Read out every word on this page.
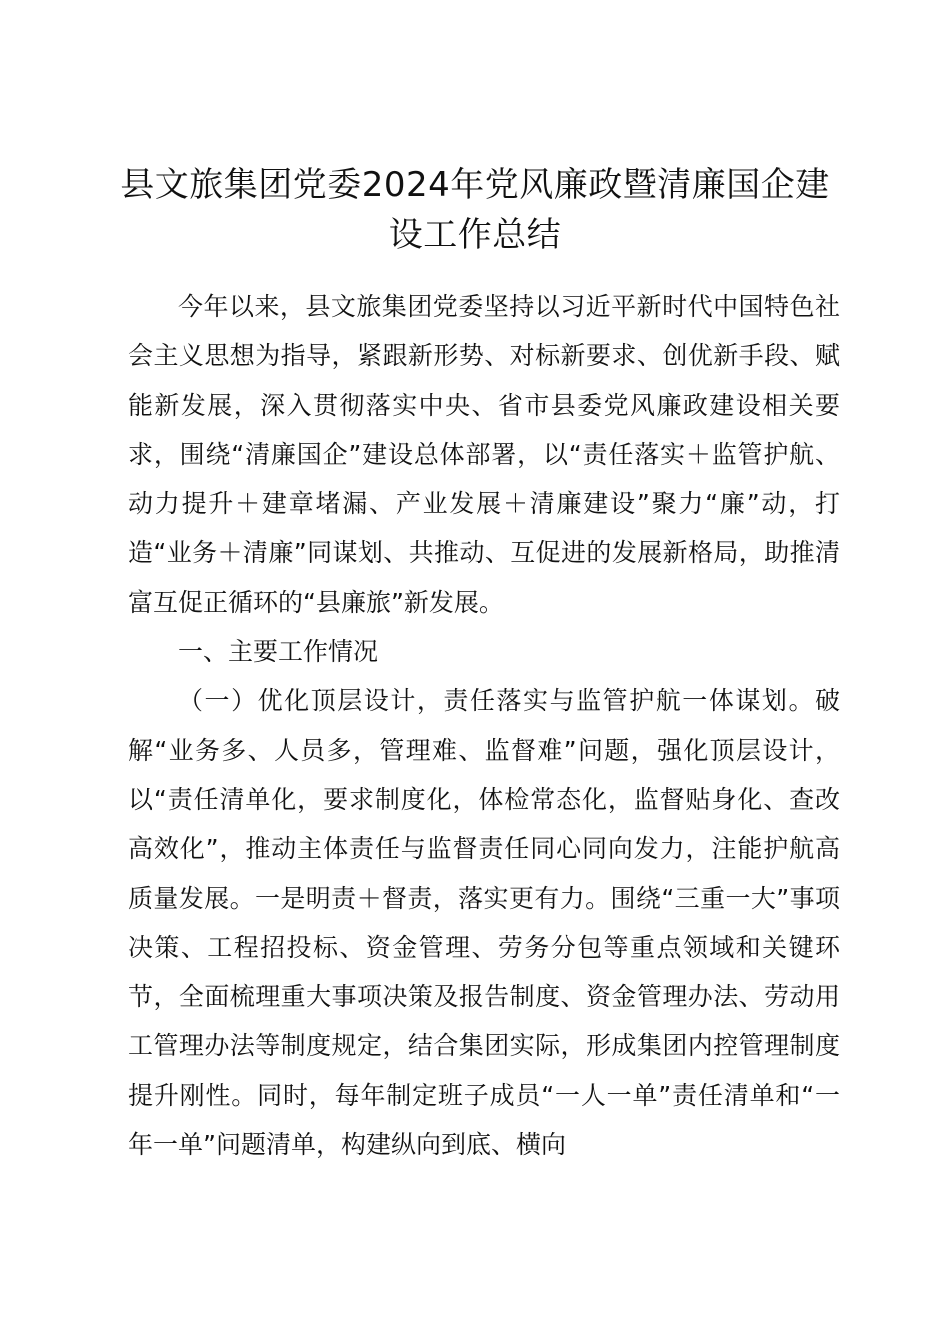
县文旅集团党委2024年党风廉政暨清廉国企建设工作总结

今年以来，县文旅集团党委坚持以习近平新时代中国特色社会主义思想为指导，紧跟新形势、对标新要求、创优新手段、赋能新发展，深入贯彻落实中央、省市县委党风廉政建设相关要求，围绕“清廉国企”建设总体部署，以“责任落实＋监管护航、动力提升＋建章堵漏、产业发展＋清廉建设”聚力“廉”动，打造“业务＋清廉”同谋划、共推动、互促进的发展新格局，助推清富互促正循环的“县廉旅”新发展。

一、主要工作情况

（一）优化顶层设计，责任落实与监管护航一体谋划。破解“业务多、人员多，管理难、监督难”问题，强化顶层设计，以“责任清单化，要求制度化，体检常态化，监督贴身化、查改高效化”，推动主体责任与监督责任同心同向发力，注能护航高质量发展。一是明责＋督责，落实更有力。围绕“三重一大”事项决策、工程招投标、资金管理、劳务分包等重点领域和关键环节，全面梳理重大事项决策及报告制度、资金管理办法、劳动用工管理办法等制度规定，结合集团实际，形成集团内控管理制度提升刚性。同时，每年制定班子成员“一人一单”责任清单和“一年一单”问题清单，构建纵向到底、横向
